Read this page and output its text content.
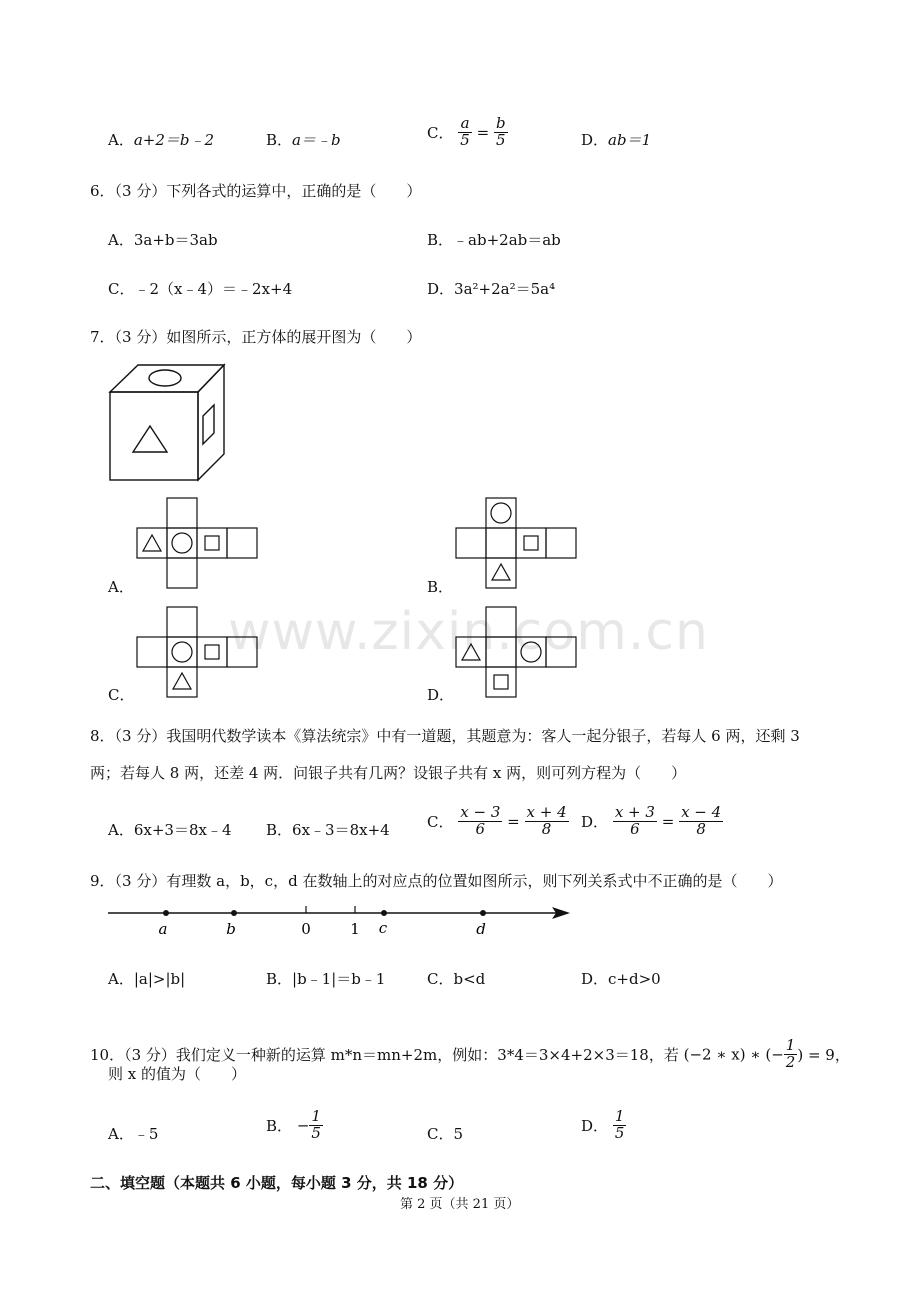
www.zixin.com.cn
A．a+2＝b﹣2	B．a＝﹣b	C． $\frac{a}{5} = \frac{b}{5}$	D．ab＝1
6．（3 分）下列各式的运算中，正确的是（　　）
A．3a+b＝3ab	B．﹣ab+2ab＝ab
C．﹣2（x﹣4）＝﹣2x+4	D．3a²+2a²＝5a⁴
7．（3 分）如图所示，正方体的展开图为（　　）
A．	B．
C．	D．
8．（3 分）我国明代数学读本《算法统宗》中有一道题，其题意为：客人一起分银子，若每人 6 两，还剩 3
两；若每人 8 两，还差 4 两．问银子共有几两？设银子共有 x 两，则可列方程为（　　）
A．6x+3＝8x﹣4 B．6x﹣3＝8x+4 C． $\frac{x - 3}{6} = \frac{x + 4}{8}$ D． $\frac{x + 3}{6} = \frac{x - 4}{8}$
9．（3 分）有理数 a，b，c，d 在数轴上的对应点的位置如图所示，则下列关系式中不正确的是（　　）
a	b	0	1 c	d
A．|a|>|b|	B．|b﹣1|＝b﹣1	C．b<d	D．c+d>0
10．（3 分）我们定义一种新的运算 m*n＝mn+2m，例如：3*4＝3×4+2×3＝18，若 (−2 ∗ x) ∗ (− $\frac{1}{2}$ ) = 9，
则 x 的值为（　　）
A．﹣5	B． − $\frac{1}{5}$	C．5	D． $\frac{1}{5}$
二、填空题（本题共 6 小题，每小题 3 分，共 18 分）
第 2 页（共 21 页）
